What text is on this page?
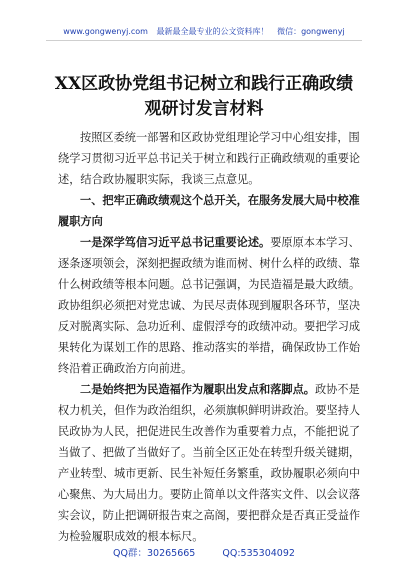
www.gongwenyj.com 最新最全最专业的公文资料库！ 微信：gongwenyj
XX区政协党组书记树立和践行正确政绩
观研讨发言材料
按照区委统一部署和区政协党组理论学习中心组安排，围
绕学习贯彻习近平总书记关于树立和践行正确政绩观的重要论
述，结合政协履职实际，我谈三点意见。
一、把牢正确政绩观这个总开关，在服务发展大局中校准
履职方向
一是深学笃信习近平总书记重要论述。要原原本本学习、
逐条逐项领会，深刻把握政绩为谁而树、树什么样的政绩、靠
什么树政绩等根本问题。总书记强调，为民造福是最大政绩。
政协组织必须把对党忠诚、为民尽责体现到履职各环节，坚决
反对脱离实际、急功近利、虚假浮夸的政绩冲动。要把学习成
果转化为谋划工作的思路、推动落实的举措，确保政协工作始
终沿着正确政治方向前进。
二是始终把为民造福作为履职出发点和落脚点。政协不是
权力机关，但作为政治组织，必须旗帜鲜明讲政治。要坚持人
民政协为人民，把促进民生改善作为重要着力点，不能把说了
当做了、把做了当做好了。当前全区正处在转型升级关键期，
产业转型、城市更新、民生补短任务繁重，政协履职必须向中
心聚焦、为大局出力。要防止简单以文件落实文件、以会议落
实会议，防止把调研报告束之高阁，要把群众是否真正受益作
为检验履职成效的根本标尺。
QQ群：30265665	QQ:535304092
